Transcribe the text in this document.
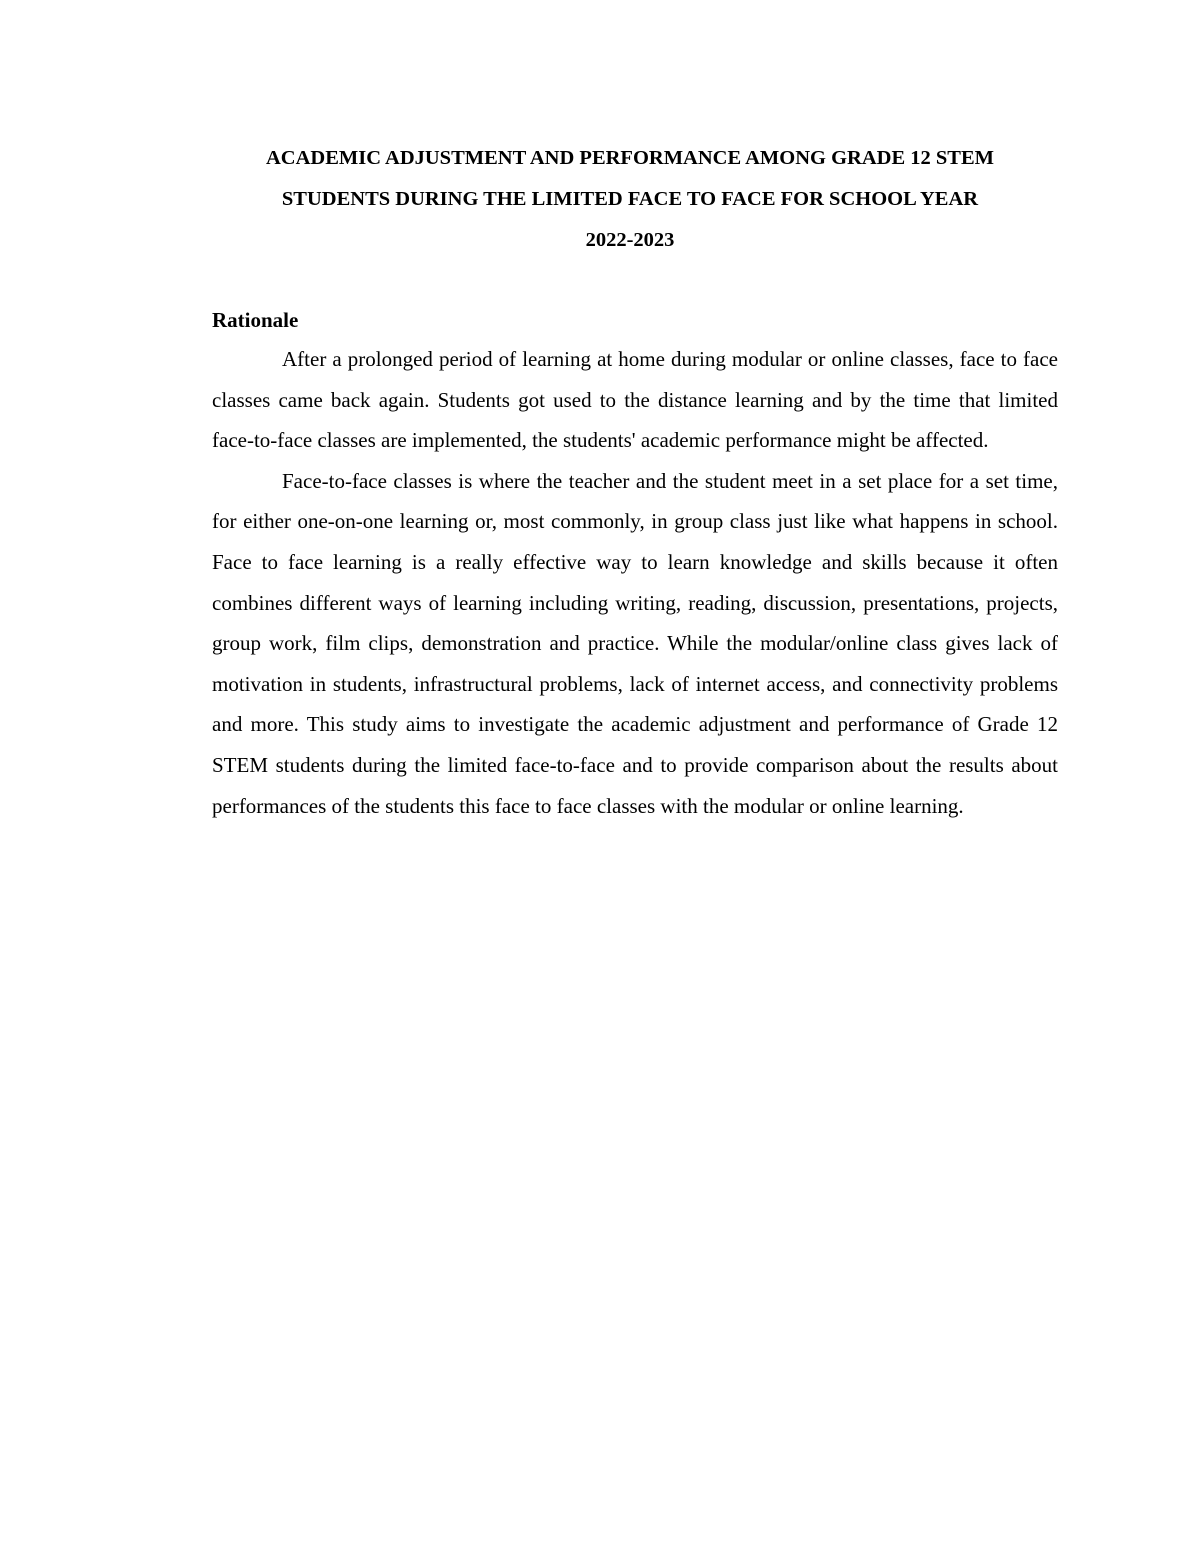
ACADEMIC ADJUSTMENT AND PERFORMANCE AMONG GRADE 12 STEM
STUDENTS DURING THE LIMITED FACE TO FACE FOR SCHOOL YEAR
2022-2023
Rationale

After a prolonged period of learning at home during modular or online classes, face to face classes came back again. Students got used to the distance learning and by the time that limited face-to-face classes are implemented, the students' academic performance might be affected.

Face-to-face classes is where the teacher and the student meet in a set place for a set time, for either one-on-one learning or, most commonly, in group class just like what happens in school. Face to face learning is a really effective way to learn knowledge and skills because it often combines different ways of learning including writing, reading, discussion, presentations, projects, group work, film clips, demonstration and practice. While the modular/online class gives lack of motivation in students, infrastructural problems, lack of internet access, and connectivity problems and more. This study aims to investigate the academic adjustment and performance of Grade 12 STEM students during the limited face-to-face and to provide comparison about the results about performances of the students this face to face classes with the modular or online learning.
